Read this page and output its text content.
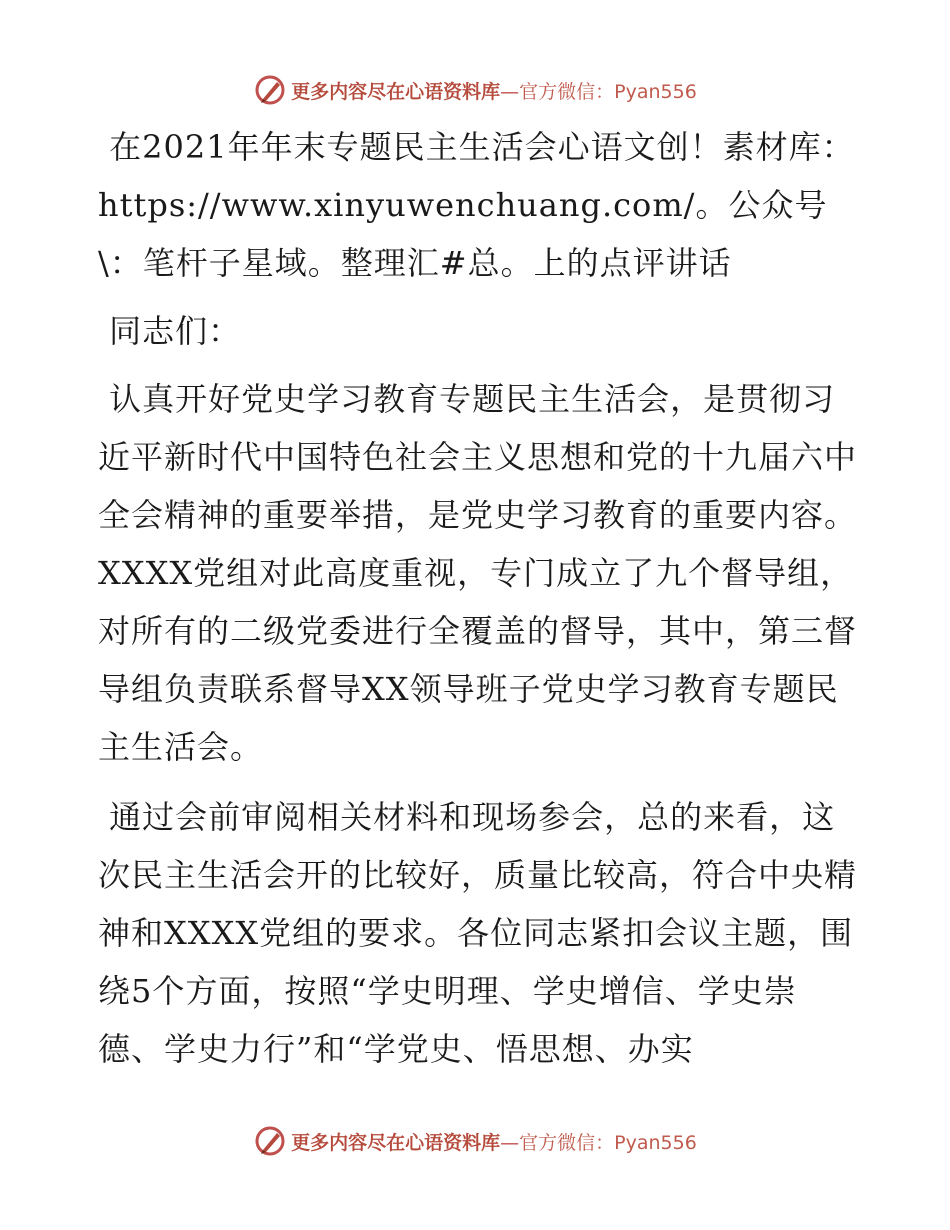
更多内容尽在心语资料库—官方微信：Pyan556

在2021年年末专题民主生活会心语文创！素材库：https://www.xinyuwenchuang.com/。公众号\：笔杆子星域。整理汇#总。上的点评讲话

同志们：

认真开好党史学习教育专题民主生活会，是贯彻习近平新时代中国特色社会主义思想和党的十九届六中全会精神的重要举措，是党史学习教育的重要内容。XXXX党组对此高度重视，专门成立了九个督导组，对所有的二级党委进行全覆盖的督导，其中，第三督导组负责联系督导XX领导班子党史学习教育专题民主生活会。

通过会前审阅相关材料和现场参会，总的来看，这次民主生活会开的比较好，质量比较高，符合中央精神和XXXX党组的要求。各位同志紧扣会议主题，围绕5个方面，按照“学史明理、学史增信、学史崇德、学史力行”和“学党史、悟思想、办实

更多内容尽在心语资料库—官方微信：Pyan556
